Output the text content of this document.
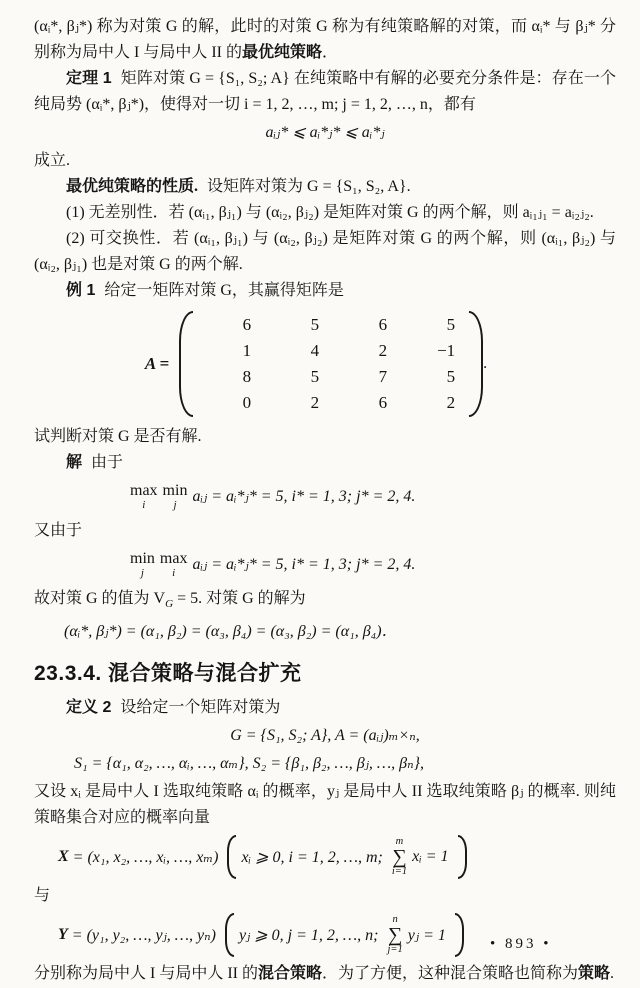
(αᵢ*, βⱼ*) 称为对策 G 的解，此时的对策 G 称为有纯策略解的对策，而 αᵢ* 与 βⱼ* 分别称为局中人 I 与局中人 II 的最优纯策略．

定理 1 矩阵对策 G = {S₁, S₂; A} 在纯策略中有解的必要充分条件是：存在一个纯局势 (αᵢ*, βⱼ*)，使得对一切 i = 1, 2, …, m; j = 1, 2, …, n，都有

aᵢⱼ* ⩽ aᵢ*ⱼ* ⩽ aᵢ*ⱼ

成立.

最优纯策略的性质. 设矩阵对策为 G = {S₁, S₂, A}.

(1) 无差别性．若 (αᵢ₁, βⱼ₁) 与 (αᵢ₂, βⱼ₂) 是矩阵对策 G 的两个解，则 aᵢ₁ⱼ₁ = aᵢ₂ⱼ₂.

(2) 可交换性．若 (αᵢ₁, βⱼ₁) 与 (αᵢ₂, βⱼ₂) 是矩阵对策 G 的两个解，则 (αᵢ₁, βⱼ₂) 与 (αᵢ₂, βⱼ₁) 也是对策 G 的两个解.

例 1 给定一矩阵对策 G，其赢得矩阵是

A =
6	5	6	5
1	4	2	−1
8	5	7	5
0	2	6	2
.

试判断对策 G 是否有解.

解 由于

max
i
min
j aᵢⱼ = aᵢ*ⱼ* = 5, i* = 1, 3; j* = 2, 4.

又由于

min
j
max
i aᵢⱼ = aᵢ*ⱼ* = 5, i* = 1, 3; j* = 2, 4.

故对策 G 的值为 $V_G = 5$. 对策 G 的解为

(αᵢ*, βⱼ*) = (α₁, β₂) = (α₃, β₄) = (α₃, β₂) = (α₁, β₄)．
23.3.4. 混合策略与混合扩充

定义 2 设给定一个矩阵对策为

G = {S₁, S₂; A}, A = (aᵢⱼ)ₘ×ₙ,
S₁ = {α₁, α₂, …, αᵢ, …, αₘ}, S₂ = {β₁, β₂, …, βⱼ, …, βₙ},

又设 xᵢ 是局中人 I 选取纯策略 αᵢ 的概率，yⱼ 是局中人 II 选取纯策略 βⱼ 的概率. 则纯策略集合对应的概率向量

X = (x₁, x₂, …, xᵢ, …, xₘ) xᵢ ⩾ 0, i = 1, 2, …, m;
m
∑
i=1
xᵢ = 1

与

Y = (y₁, y₂, …, yⱼ, …, yₙ) yⱼ ⩾ 0, j = 1, 2, …, n;
n
∑
j=1
yⱼ = 1

分别称为局中人 I 与局中人 II 的混合策略．为了方便，这种混合策略也简称为策略.

• 893 •
